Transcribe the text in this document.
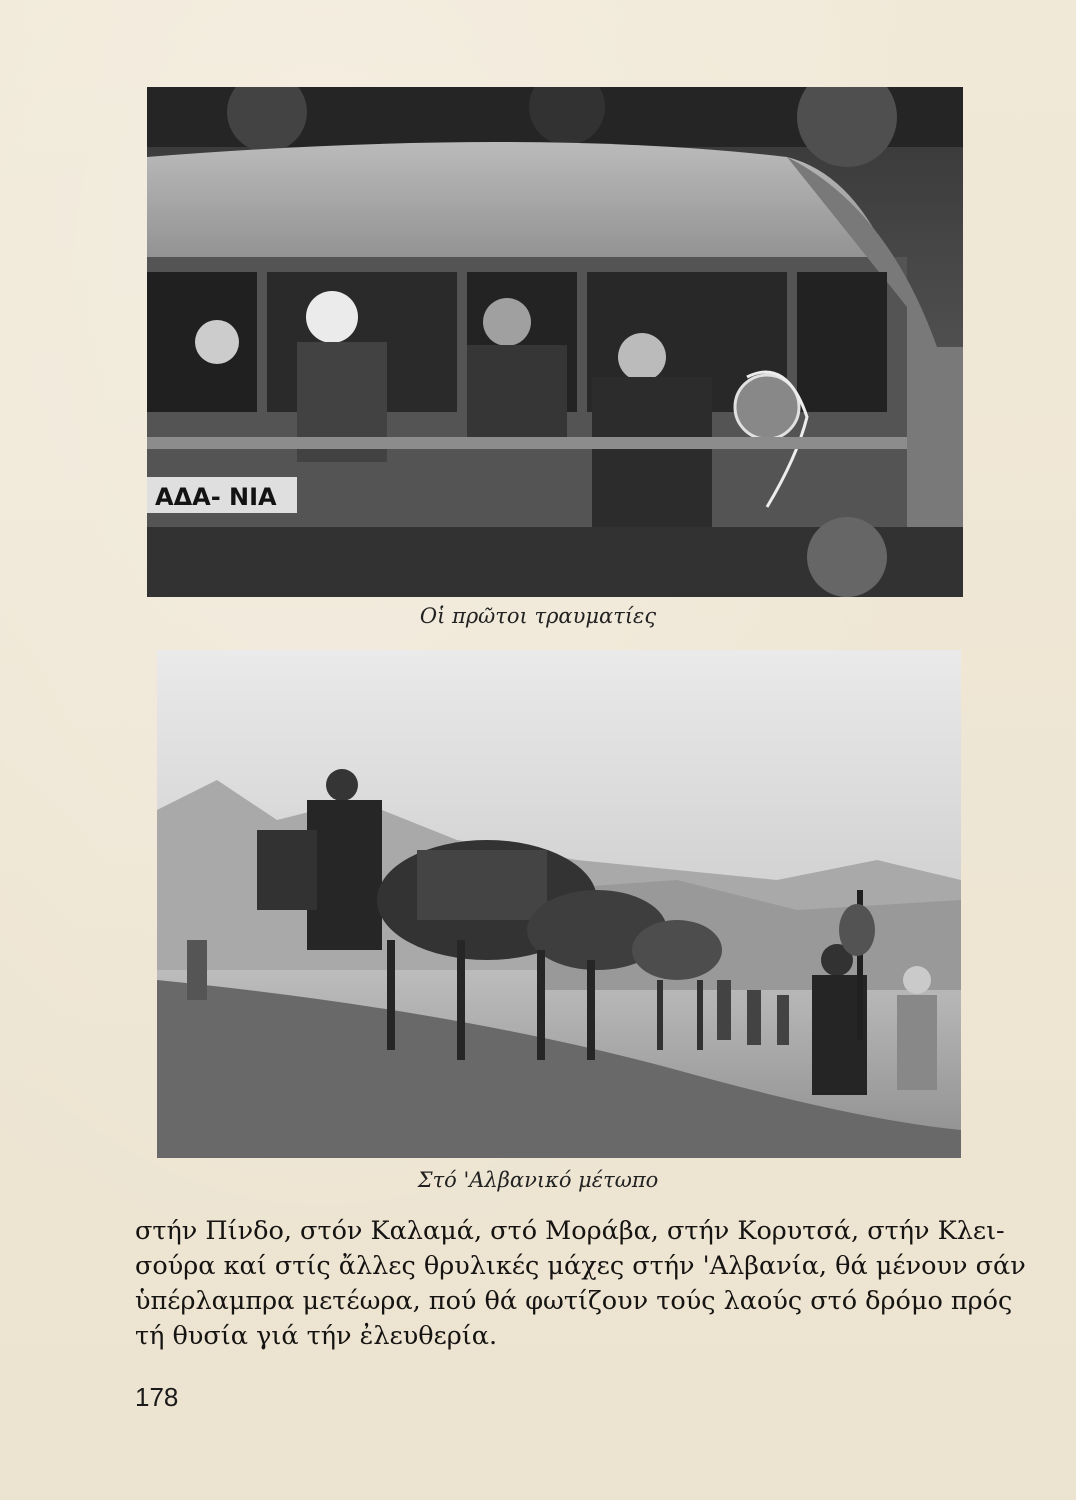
ΑΔΑ- ΝΙΑ
Οἱ πρῶτοι τραυματίες
Στό 'Αλβανικό μέτωπο
στήν Πίνδο, στόν Καλαμά, στό Μοράβα, στήν Κορυτσά, στήν Κλει-
σούρα καί στίς ἄλλες θρυλικές μάχες στήν 'Αλβανία, θά μένουν σάν
ὑπέρλαμπρα μετέωρα, πού θά φωτίζουν τούς λαούς στό δρόμο πρός
τή θυσία γιά τήν ἐλευθερία.
178
